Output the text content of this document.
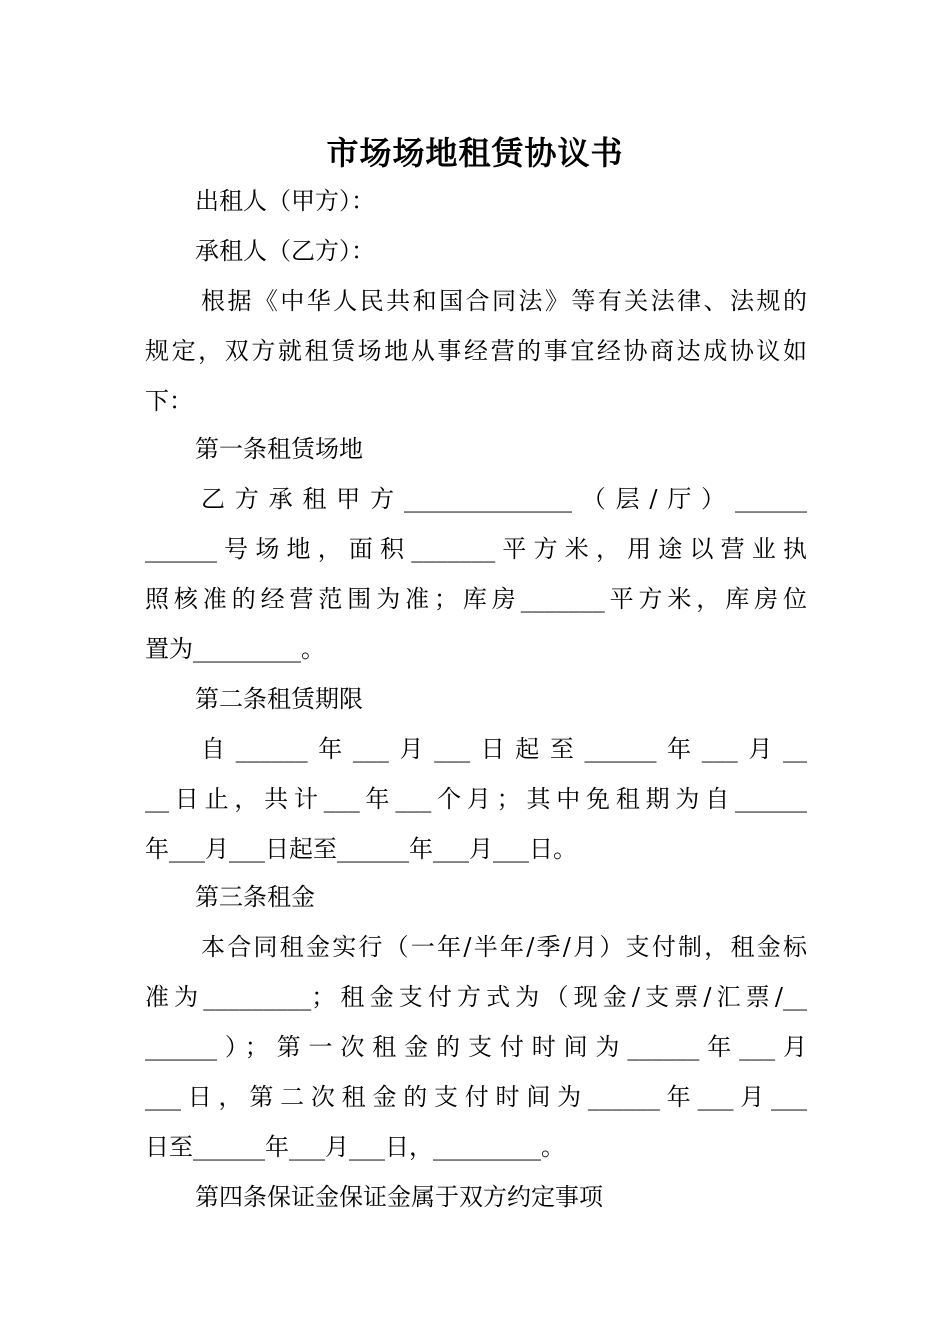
市场场地租赁协议书
出租人（甲方）：
承租人（乙方）：
根据《中华人民共和国合同法》等有关法律、法规的
规定，双方就租赁场地从事经营的事宜经协商达成协议如
下：
第一条租赁场地
乙方承租甲方______________（层/厅）______
______号场地，面积_______平方米，用途以营业执
照核准的经营范围为准；库房_______平方米，库房位
置为_________。
第二条租赁期限
自______年___月___日起至______年___月__
__日止，共计___年___个月；其中免租期为自______
年___月___日起至______年___月___日。
第三条租金
本合同租金实行（一年/半年/季/月）支付制，租金标
准为_________；租金支付方式为（现金/支票/汇票/__
______）；第一次租金的支付时间为______年___月
___日，第二次租金的支付时间为______年___月___
日至______年___月___日，_________。
第四条保证金保证金属于双方约定事项
